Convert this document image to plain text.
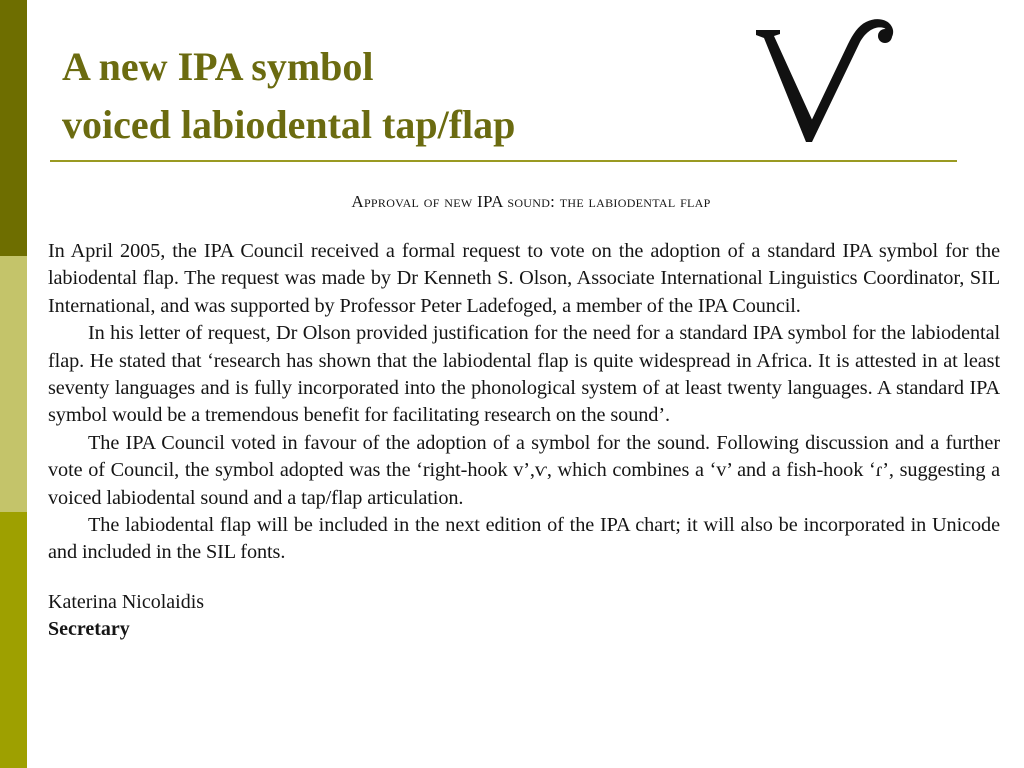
A new IPA symbol
voiced labiodental tap/flap
Approval of new IPA sound: the labiodental flap

In April 2005, the IPA Council received a formal request to vote on the adoption of a standard IPA symbol for the labiodental flap. The request was made by Dr Kenneth S. Olson, Associate International Linguistics Coordinator, SIL International, and was supported by Professor Peter Ladefoged, a member of the IPA Council.

In his letter of request, Dr Olson provided justification for the need for a standard IPA symbol for the labiodental flap. He stated that ‘research has shown that the labiodental flap is quite widespread in Africa. It is attested in at least seventy languages and is fully incorporated into the phonological system of at least twenty languages. A standard IPA symbol would be a tremendous benefit for facilitating research on the sound’.

The IPA Council voted in favour of the adoption of a symbol for the sound. Following discussion and a further vote of Council, the symbol adopted was the ‘right-hook v’,ⱱ, which combines a ‘v’ and a fish-hook ‘ɾ’, suggesting a voiced labiodental sound and a tap/flap articulation.

The labiodental flap will be included in the next edition of the IPA chart; it will also be incorporated in Unicode and included in the SIL fonts.

Katerina Nicolaidis
Secretary
